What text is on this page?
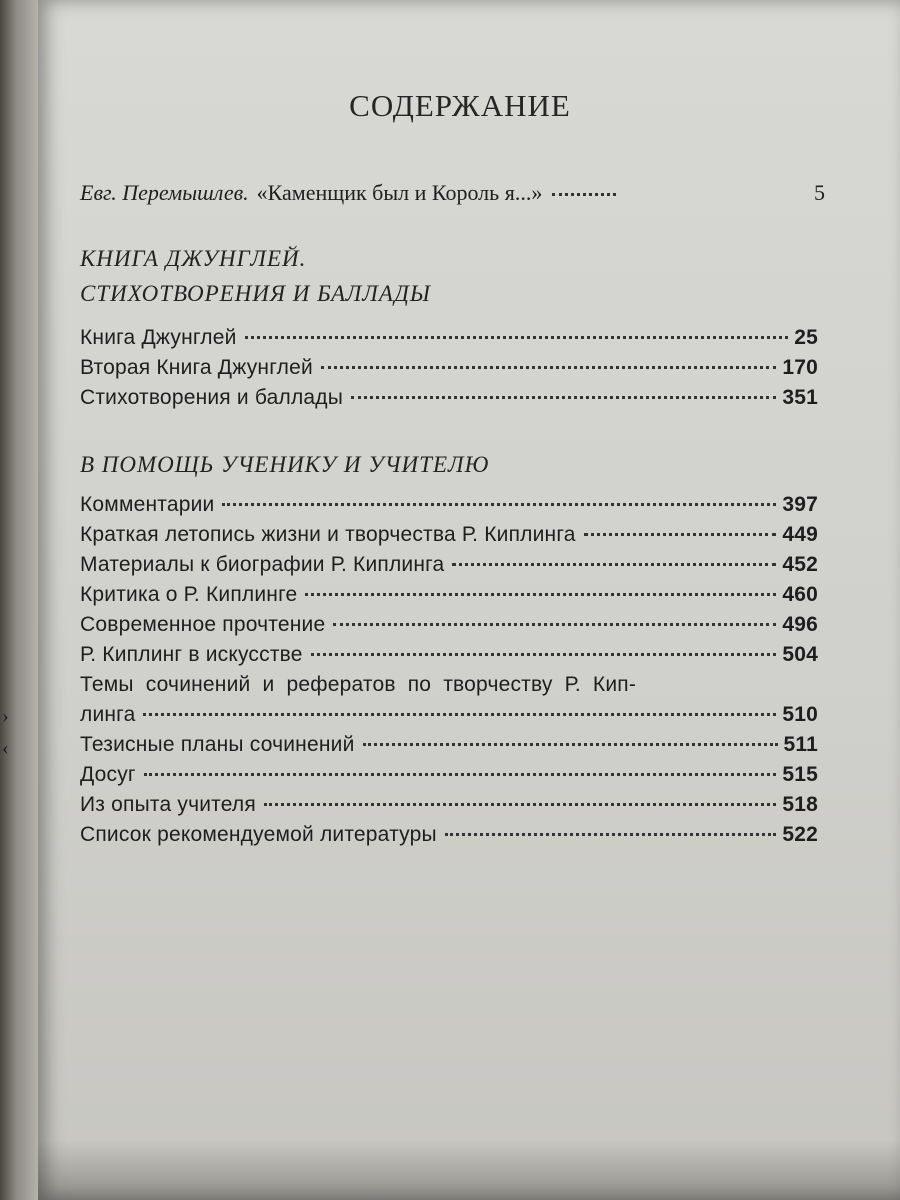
›
‹
СОДЕРЖАНИЕ
Евг. Перемышлев. «Каменщик был и Король я...»	5
КНИГА ДЖУНГЛЕЙ.
СТИХОТВОРЕНИЯ И БАЛЛАДЫ
Книга Джунглей	25
Вторая Книга Джунглей	170
Стихотворения и баллады	351
В ПОМОЩЬ УЧЕНИКУ И УЧИТЕЛЮ
Комментарии	397
Краткая летопись жизни и творчества Р. Киплинга	449
Материалы к биографии Р. Киплинга	452
Критика о Р. Киплинге	460
Современное прочтение	496
Р. Киплинг в искусстве	504
Темы сочинений и рефератов по творчеству Р. Кип-
линга	510
Тезисные планы сочинений	511
Досуг	515
Из опыта учителя	518
Список рекомендуемой литературы	522
